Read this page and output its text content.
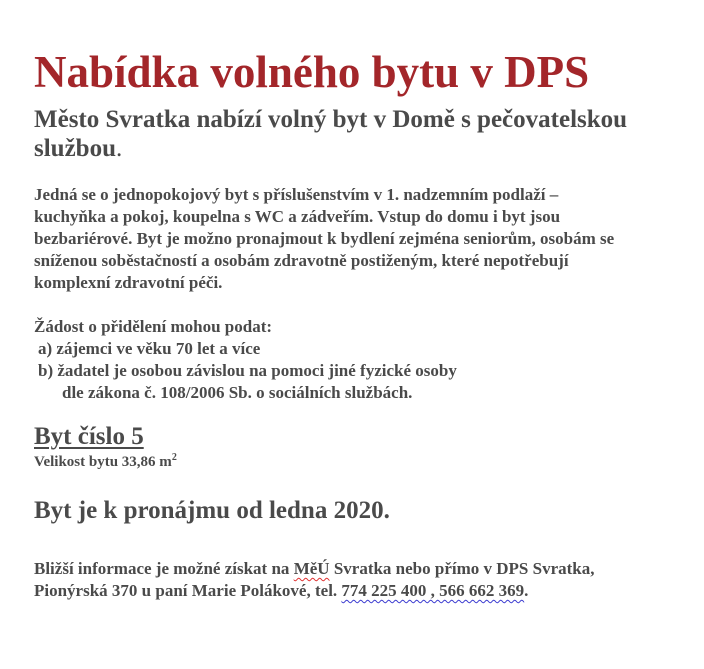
Nabídka volného bytu v DPS
Město Svratka nabízí volný byt v Domě s pečovatelskou službou.

Jedná se o jednopokojový byt s příslušenstvím v 1. nadzemním podlaží –
kuchyňka a pokoj, koupelna s WC a zádveřím. Vstup do domu i byt jsou
bezbariérové. Byt je možno pronajmout k bydlení zejména seniorům, osobám se
sníženou soběstačností a osobám zdravotně postiženým, které nepotřebují
komplexní zdravotní péči.

Žádost o přidělení mohou podat:
a) zájemci ve věku 70 let a více
b) žadatel je osobou závislou na pomoci jiné fyzické osoby
dle zákona č. 108/2006 Sb. o sociálních službách.
Byt číslo 5
Velikost bytu 33,86 $m^2$
Byt je k pronájmu od ledna 2020.

Bližší informace je možné získat na MěÚ Svratka nebo přímo v DPS Svratka,
Pionýrská 370 u paní Marie Polákové, tel. 774 225 400 , 566 662 369.
